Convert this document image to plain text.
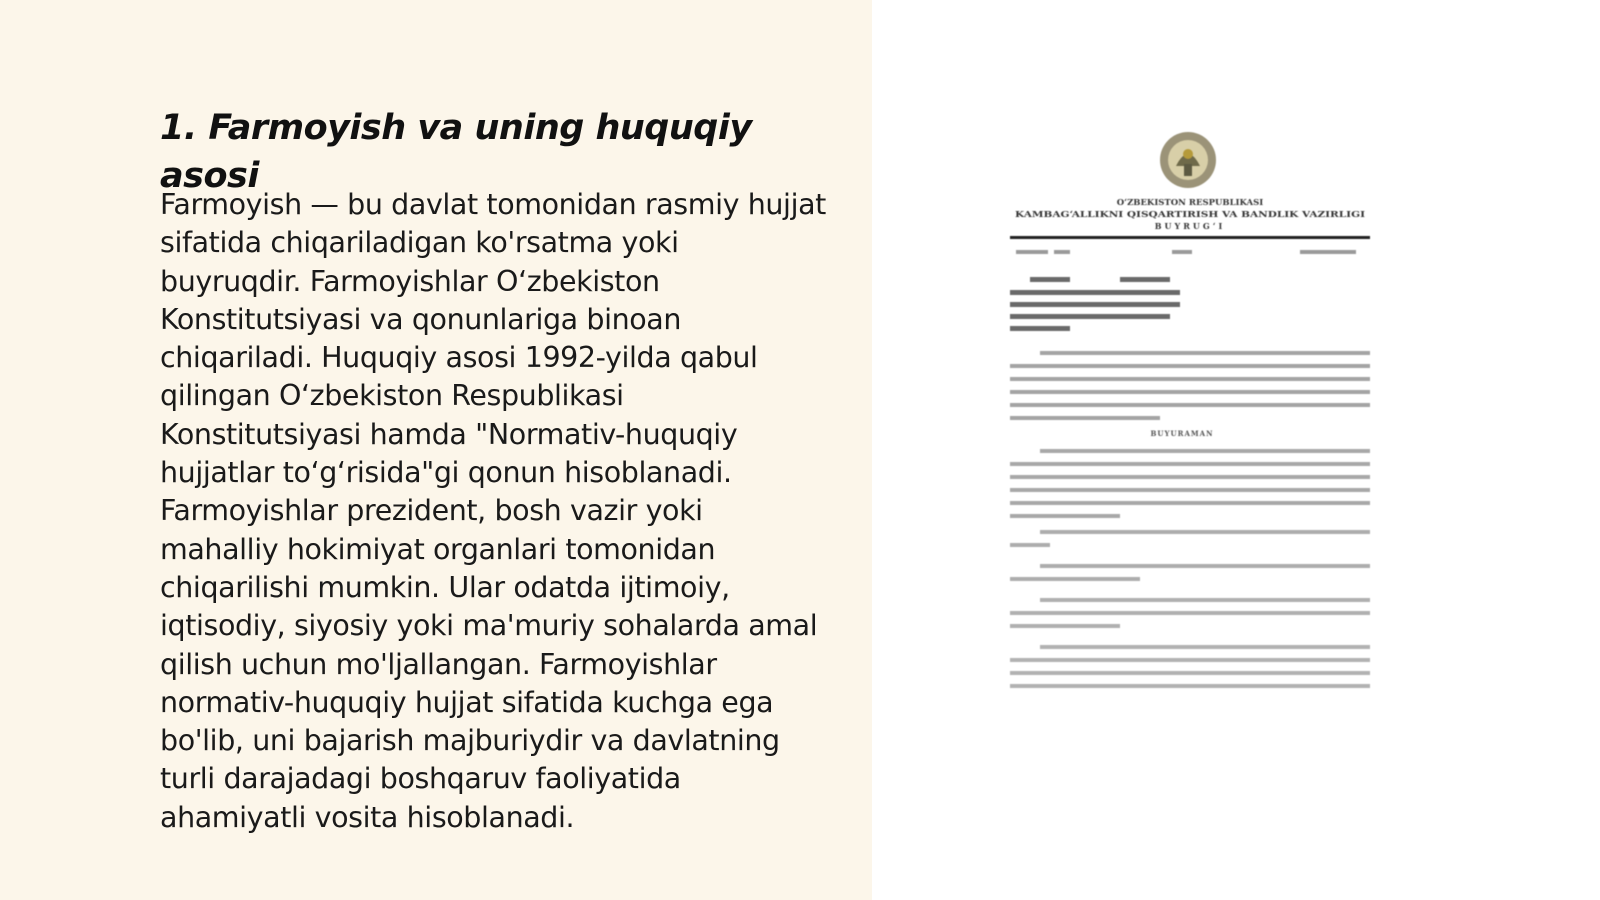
1. Farmoyish va uning huquqiy asosi

Farmoyish — bu davlat tomonidan rasmiy hujjat sifatida chiqariladigan ko'rsatma yoki buyruqdir. Farmoyishlar O‘zbekiston Konstitutsiyasi va qonunlariga binoan chiqariladi. Huquqiy asosi 1992-yilda qabul qilingan O‘zbekiston Respublikasi Konstitutsiyasi hamda "Normativ-huquqiy hujjatlar to‘g‘risida"gi qonun hisoblanadi. Farmoyishlar prezident, bosh vazir yoki mahalliy hokimiyat organlari tomonidan chiqarilishi mumkin. Ular odatda ijtimoiy, iqtisodiy, siyosiy yoki ma'muriy sohalarda amal qilish uchun mo'ljallangan. Farmoyishlar normativ-huquqiy hujjat sifatida kuchga ega bo'lib, uni bajarish majburiydir va davlatning turli darajadagi boshqaruv faoliyatida ahamiyatli vosita hisoblanadi.

O‘ZBEKISTON RESPUBLIKASI
KAMBAG‘ALLIKNI QISQARTIRISH VA BANDLIK VAZIRLIGI
BUYRUG‘I
BUYURAMAN
